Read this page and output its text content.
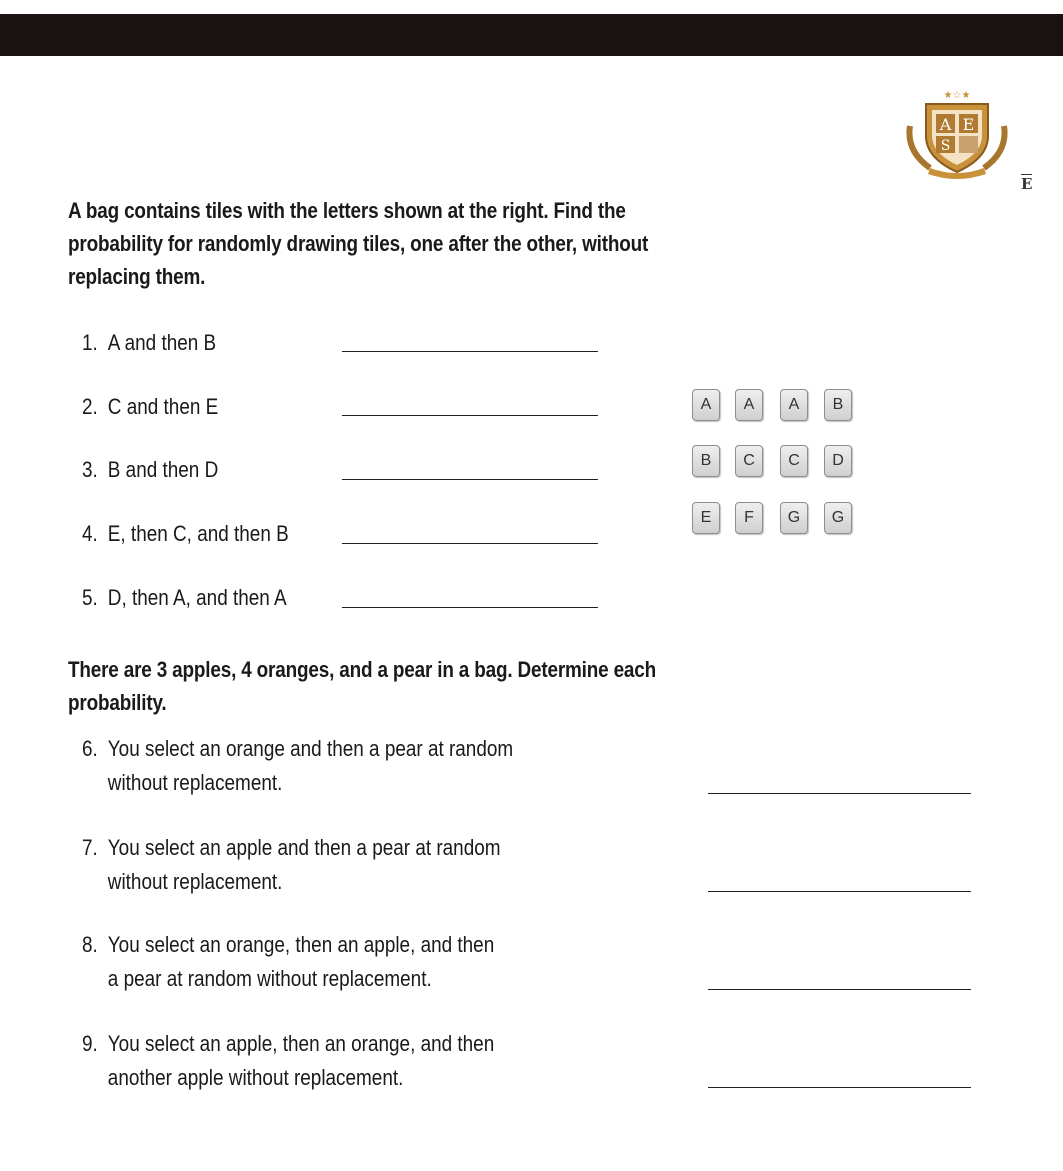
A E
S
★☆★
E
A bag contains tiles with the letters shown at the right. Find the probability for randomly drawing tiles, one after the other, without replacing them.
1. A and then B
2. C and then E
3. B and then D
4. E, then C, and then B
5. D, then A, and then A
A	A	A	B
B	C	C	D
E	F	G	G
There are 3 apples, 4 oranges, and a pear in a bag. Determine each probability.
6. You select an orange and then a pear at random
without replacement.
7. You select an apple and then a pear at random
without replacement.
8. You select an orange, then an apple, and then
a pear at random without replacement.
9. You select an apple, then an orange, and then
another apple without replacement.
